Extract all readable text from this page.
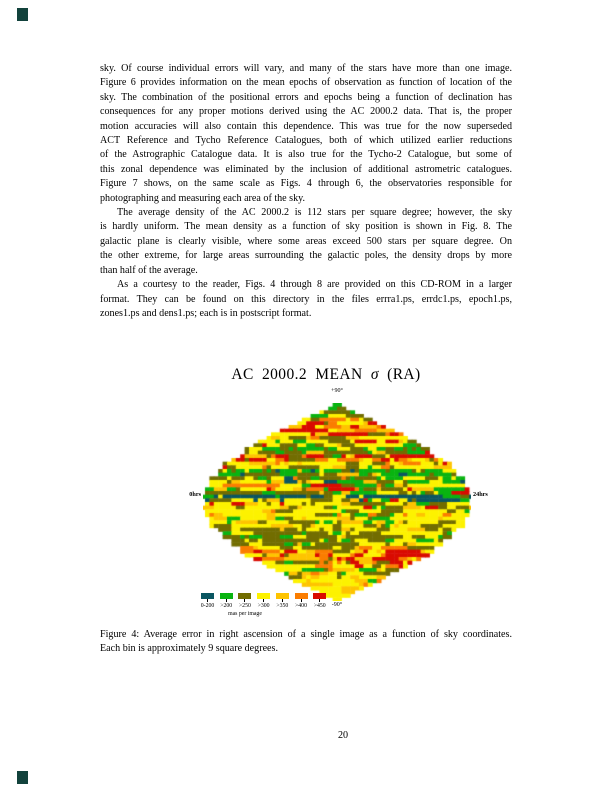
sky. Of course individual errors will vary, and many of the stars have more than one image.
Figure 6 provides information on the mean epochs of observation as function of location of the
sky. The combination of the positional errors and epochs being a function of declination has
consequences for any proper motions derived using the AC 2000.2 data. That is, the proper
motion accuracies will also contain this dependence. This was true for the now superseded
ACT Reference and Tycho Reference Catalogues, both of which utilized earlier reductions
of the Astrographic Catalogue data. It is also true for the Tycho-2 Catalogue, but some of
this zonal dependence was eliminated by the inclusion of additional astrometric catalogues.
Figure 7 shows, on the same scale as Figs. 4 through 6, the observatories responsible for
photographing and measuring each area of the sky.
The average density of the AC 2000.2 is 112 stars per square degree; however, the sky
is hardly uniform. The mean density as a function of sky position is shown in Fig. 8. The
galactic plane is clearly visible, where some areas exceed 500 stars per square degree. On
the other extreme, for large areas surrounding the galactic poles, the density drops by more
than half of the average.
As a courtesy to the reader, Figs. 4 through 8 are provided on this CD-ROM in a larger
format. They can be found on this directory in the files errra1.ps, errdc1.ps, epoch1.ps,
zones1.ps and dens1.ps; each is in postscript format.
AC 2000.2 MEAN σ (RA)
+90°
0hrs	24hrs
-90°
0-200	>200	>250	>300	>350	>400	>450
mas per image
Figure 4: Average error in right ascension of a single image as a function of sky coordinates.
Each bin is approximately 9 square degrees.
20
